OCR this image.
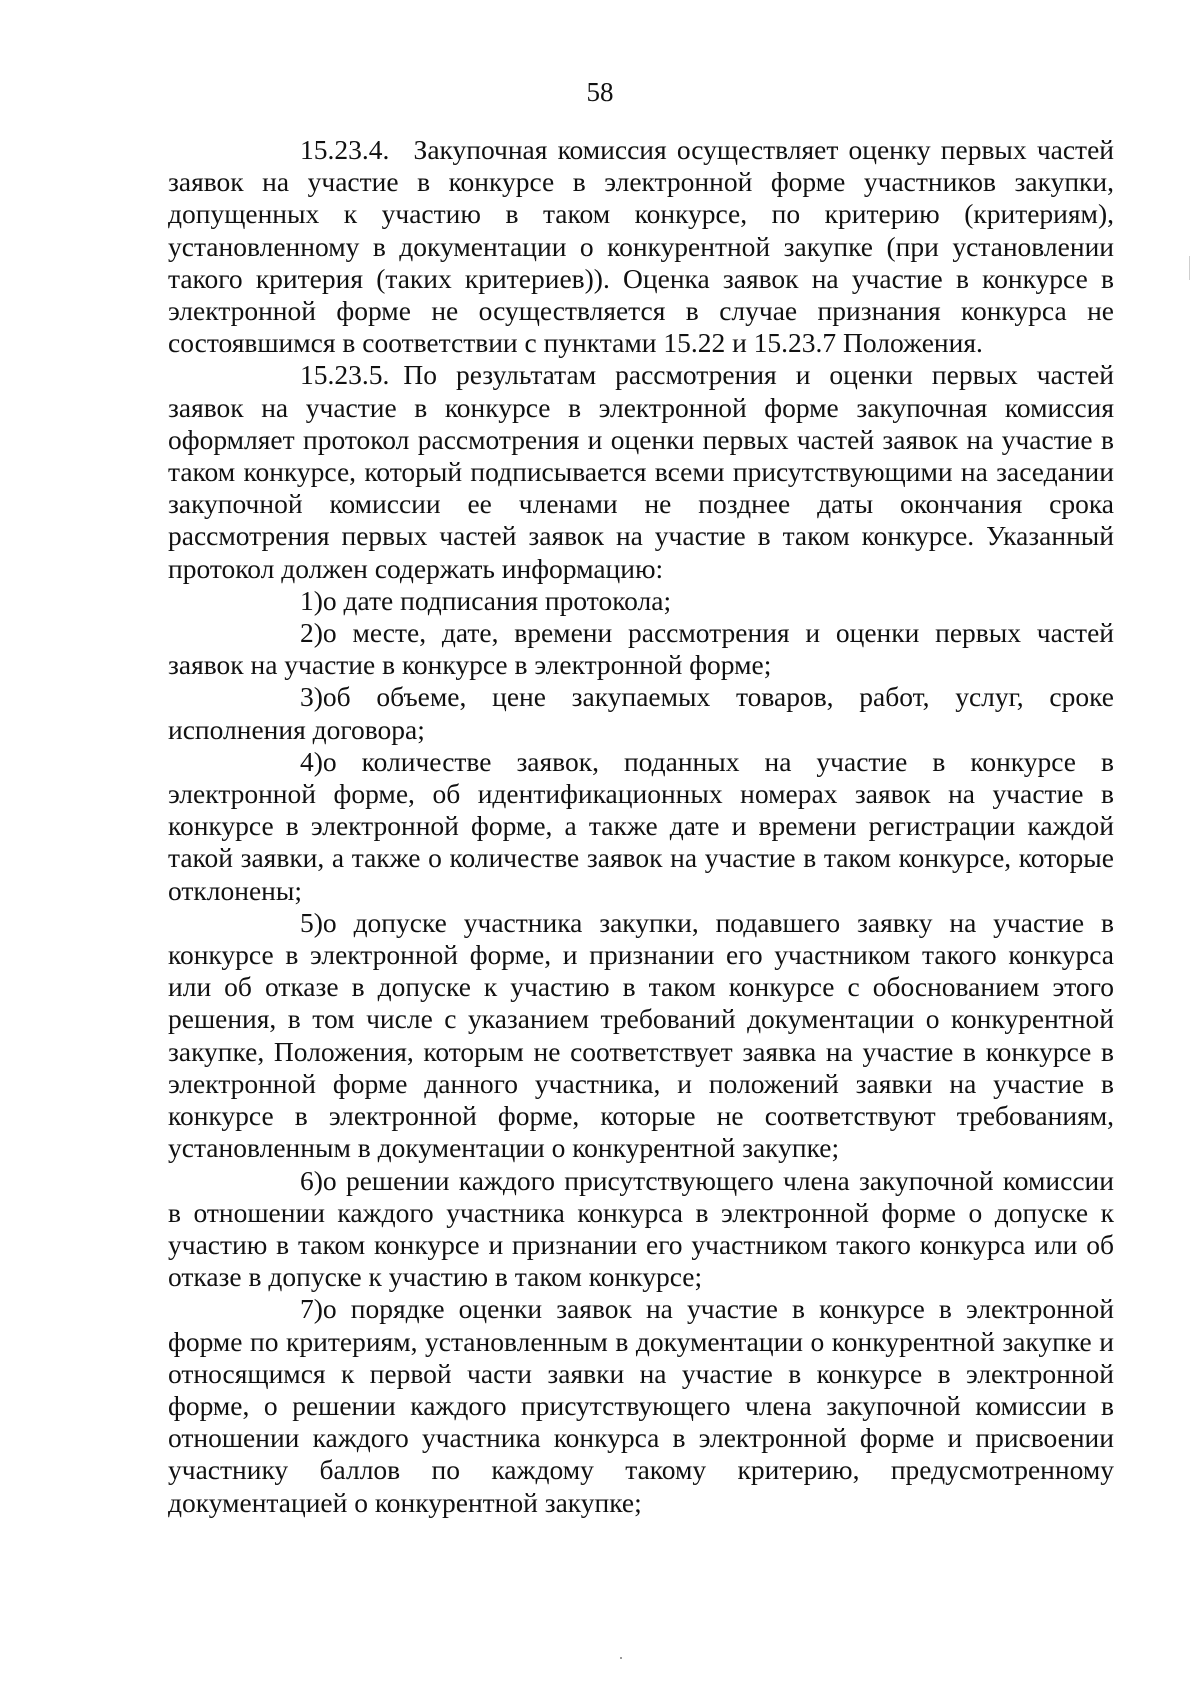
58

15.23.4. Закупочная комиссия осуществляет оценку первых частей заявок на участие в конкурсе в электронной форме участников закупки, допущенных к участию в таком конкурсе, по критерию (критериям), установленному в документации о конкурентной закупке (при установлении такого критерия (таких критериев)). Оценка заявок на участие в конкурсе в электронной форме не осуществляется в случае признания конкурса не состоявшимся в соответствии с пунктами 15.22 и 15.23.7 Положения.

15.23.5. По результатам рассмотрения и оценки первых частей заявок на участие в конкурсе в электронной форме закупочная комиссия оформляет протокол рассмотрения и оценки первых частей заявок на участие в таком конкурсе, который подписывается всеми присутствующими на заседании закупочной комиссии ее членами не позднее даты окончания срока рассмотрения первых частей заявок на участие в таком конкурсе. Указанный протокол должен содержать информацию:

1)о дате подписания протокола;

2)о месте, дате, времени рассмотрения и оценки первых частей заявок на участие в конкурсе в электронной форме;

3)об объеме, цене закупаемых товаров, работ, услуг, сроке исполнения договора;

4)о количестве заявок, поданных на участие в конкурсе в электронной форме, об идентификационных номерах заявок на участие в конкурсе в электронной форме, а также дате и времени регистрации каждой такой заявки, а также о количестве заявок на участие в таком конкурсе, которые отклонены;

5)о допуске участника закупки, подавшего заявку на участие в конкурсе в электронной форме, и признании его участником такого конкурса или об отказе в допуске к участию в таком конкурсе с обоснованием этого решения, в том числе с указанием требований документации о конкурентной закупке, Положения, которым не соответствует заявка на участие в конкурсе в электронной форме данного участника, и положений заявки на участие в конкурсе в электронной форме, которые не соответствуют требованиям, установленным в документации о конкурентной закупке;

6)о решении каждого присутствующего члена закупочной комиссии в отношении каждого участника конкурса в электронной форме о допуске к участию в таком конкурсе и признании его участником такого конкурса или об отказе в допуске к участию в таком конкурсе;

7)о порядке оценки заявок на участие в конкурсе в электронной форме по критериям, установленным в документации о конкурентной закупке и относящимся к первой части заявки на участие в конкурсе в электронной форме, о решении каждого присутствующего члена закупочной комиссии в отношении каждого участника конкурса в электронной форме и присвоении участнику баллов по каждому такому критерию, предусмотренному документацией о конкурентной закупке;
